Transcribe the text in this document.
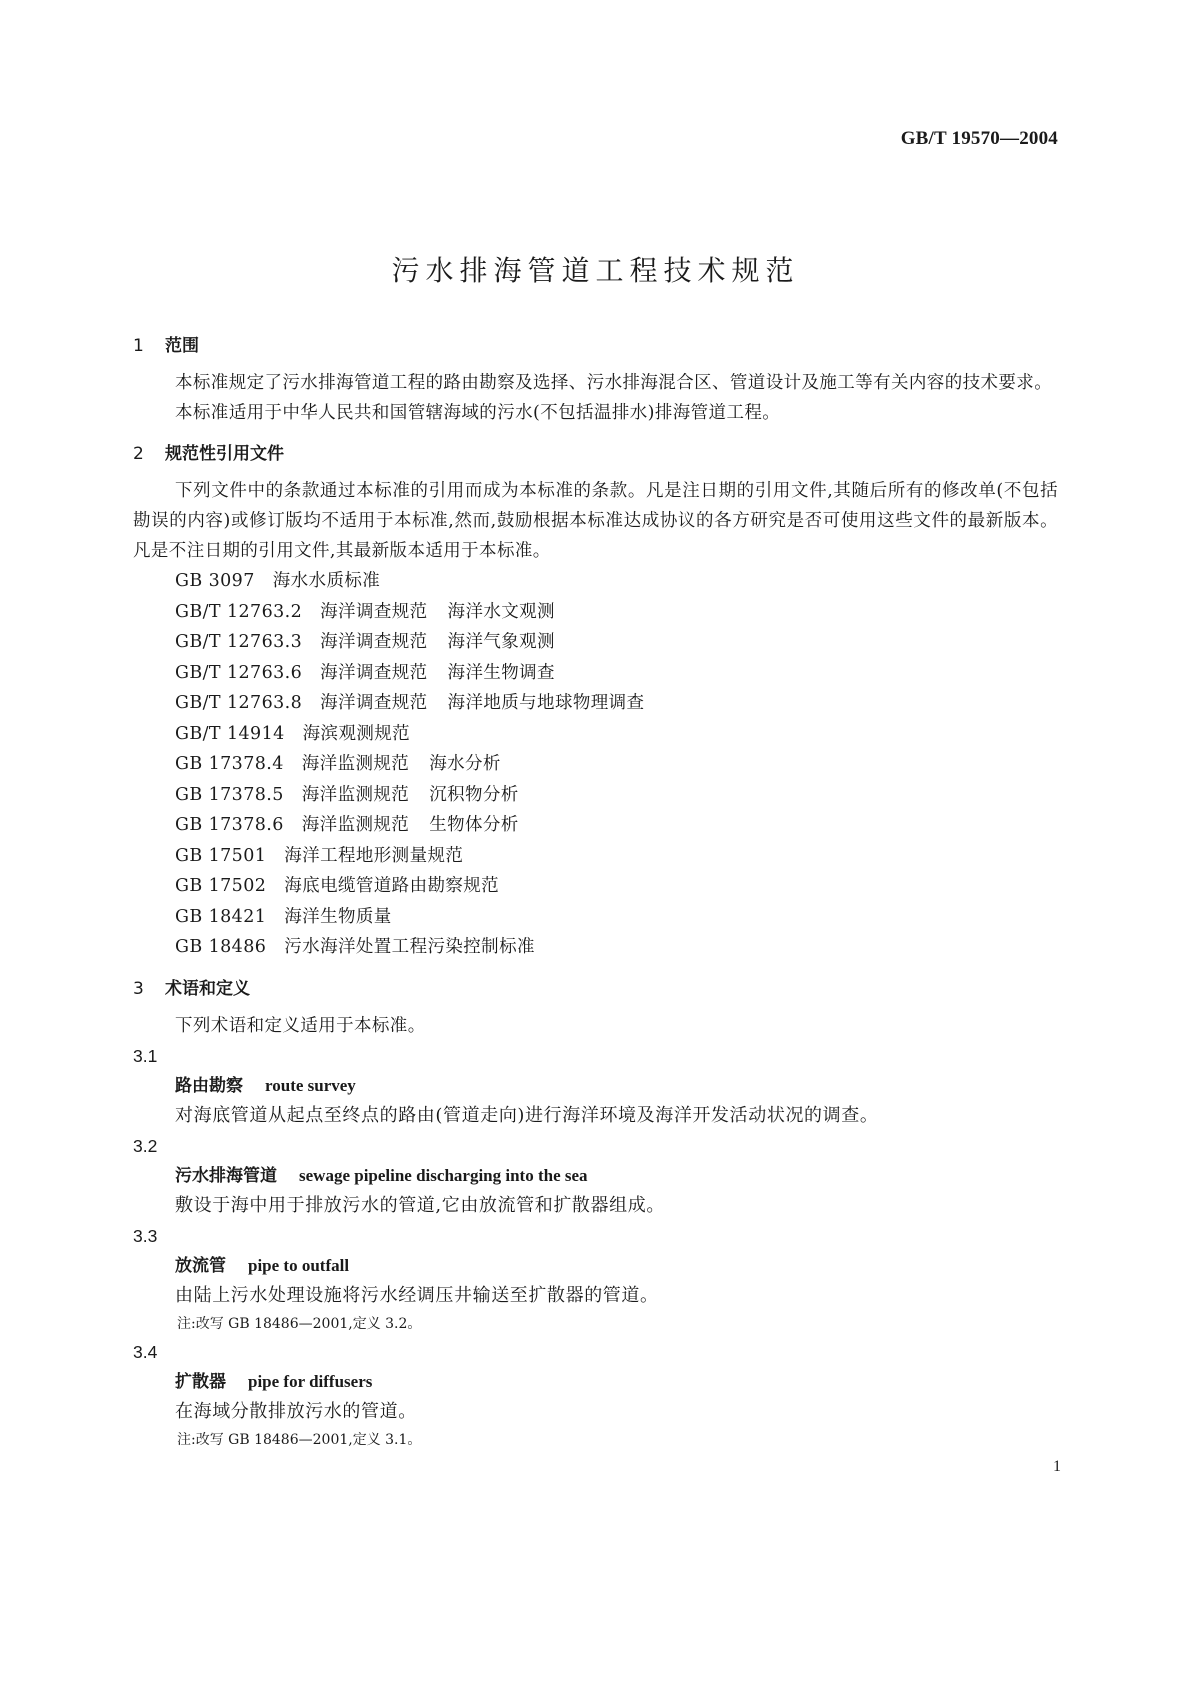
GB/T 19570—2004
污水排海管道工程技术规范
1 范围

本标准规定了污水排海管道工程的路由勘察及选择、污水排海混合区、管道设计及施工等有关内容的技术要求。

本标准适用于中华人民共和国管辖海域的污水(不包括温排水)排海管道工程。

2 规范性引用文件

下列文件中的条款通过本标准的引用而成为本标准的条款。凡是注日期的引用文件,其随后所有的修改单(不包括勘误的内容)或修订版均不适用于本标准,然而,鼓励根据本标准达成协议的各方研究是否可使用这些文件的最新版本。凡是不注日期的引用文件,其最新版本适用于本标准。

GB 3097 海水水质标准
GB/T 12763.2 海洋调查规范 海洋水文观测
GB/T 12763.3 海洋调查规范 海洋气象观测
GB/T 12763.6 海洋调查规范 海洋生物调查
GB/T 12763.8 海洋调查规范 海洋地质与地球物理调查
GB/T 14914 海滨观测规范
GB 17378.4 海洋监测规范 海水分析
GB 17378.5 海洋监测规范 沉积物分析
GB 17378.6 海洋监测规范 生物体分析
GB 17501 海洋工程地形测量规范
GB 17502 海底电缆管道路由勘察规范
GB 18421 海洋生物质量
GB 18486 污水海洋处置工程污染控制标准
3 术语和定义

下列术语和定义适用于本标准。

3.1

路由勘察 route survey

对海底管道从起点至终点的路由(管道走向)进行海洋环境及海洋开发活动状况的调查。

3.2

污水排海管道 sewage pipeline discharging into the sea

敷设于海中用于排放污水的管道,它由放流管和扩散器组成。

3.3

放流管 pipe to outfall

由陆上污水处理设施将污水经调压井输送至扩散器的管道。

注:改写 GB 18486—2001,定义 3.2。

3.4

扩散器 pipe for diffusers

在海域分散排放污水的管道。

注:改写 GB 18486—2001,定义 3.1。

1
